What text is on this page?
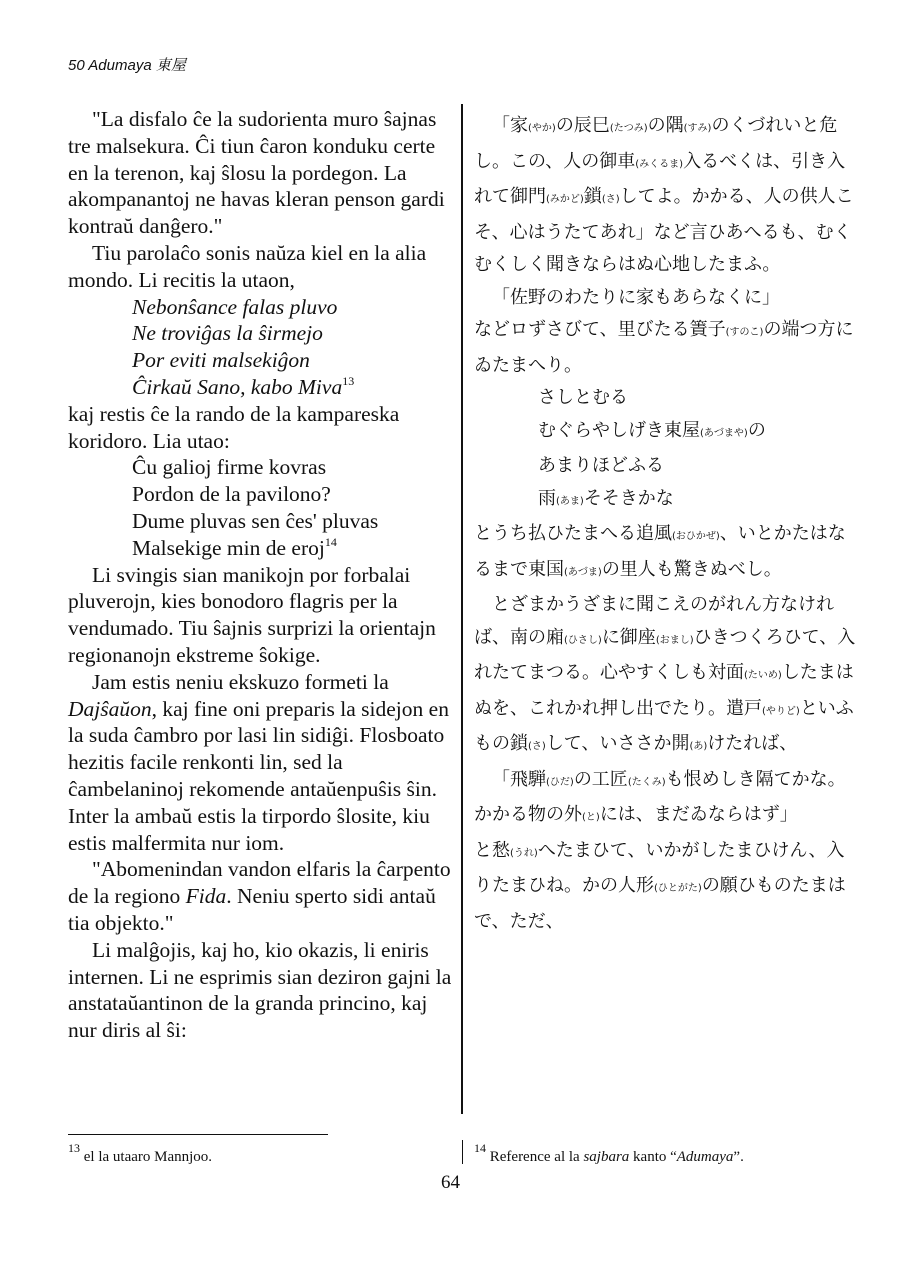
50 Adumaya 東屋

"La disfalo ĉe la sudorienta muro ŝajnas tre malsekura. Ĉi tiun ĉaron konduku certe en la terenon, kaj ŝlosu la pordegon. La akompanantoj ne havas kleran penson gardi kontraŭ danĝero."

Tiu parolaĉo sonis naŭza kiel en la alia mondo. Li recitis la utaon,

Nebonŝance falas pluvo
Ne troviĝas la ŝirmejo
Por eviti malsekiĝon
Ĉirkaŭ Sano, kabo Miva$^{13}$

kaj restis ĉe la rando de la kampareska koridoro. Lia utao:

Ĉu galioj firme kovras
Pordon de la pavilono?
Dume pluvas sen ĉes' pluvas
Malsekige min de eroj$^{14}$

Li svingis sian manikojn por forbalai pluverojn, kies bonodoro flagris per la vendumado. Tiu ŝajnis surprizi la orientajn regionanojn ekstreme ŝokige.

Jam estis neniu ekskuzo formeti la
Dajŝaŭon, kaj fine oni preparis la sidejon en la suda ĉambro por lasi lin sidiĝi. Flosboato hezitis facile renkonti lin, sed la ĉambelaninoj rekomende antaŭenpuŝis ŝin. Inter la ambaŭ estis la tirpordo ŝlosite, kiu estis malfermita nur iom.

"Abomenindan vandon elfaris la ĉarpento de la regiono Fida. Neniu sperto sidi antaŭ tia objekto."

Li malĝojis, kaj ho, kio okazis, li eniris internen. Li ne esprimis sian deziron gajni la anstataŭantinon de la granda princino, kaj nur diris al ŝi:

「家(やか)の辰巳(たつみ)の隅(すみ)のくづれいと危し。この、人の御車(みくるま)入るべくは、引き入れて御門(みかど)鎖(さ)してよ。かかる、人の供人こそ、心はうたてあれ」など言ひあへるも、むくむくしく聞きならはぬ心地したまふ。

「佐野のわたりに家もあらなくに」

などロずさびて、里びたる簀子(すのこ)の端つ方にゐたまへり。

さしとむる
むぐらやしげき東屋(あづまや)の
あまりほどふる
雨(あま)そそきかな

とうち払ひたまへる追風(おひかぜ)、いとかたはなるまで東国(あづま)の里人も驚きぬべし。

とざまかうざまに聞こえのがれん方なければ、南の廂(ひさし)に御座(おまし)ひきつくろひて、入れたてまつる。心やすくしも対面(たいめ)したまはぬを、これかれ押し出でたり。遣戸(やりど)といふもの鎖(さ)して、いささか開(あ)けたれば、

「飛騨(ひだ)の工匠(たくみ)も恨めしき隔てかな。かかる物の外(と)には、まだゐならはず」

と愁(うれ)へたまひて、いかがしたまひけん、入りたまひね。かの人形(ひとがた)の願ひものたまはで、ただ、

$^{13}$ el la utaaro Mannjoo.
$^{14}$ Reference al la sajbara kanto “Adumaya”.
64
